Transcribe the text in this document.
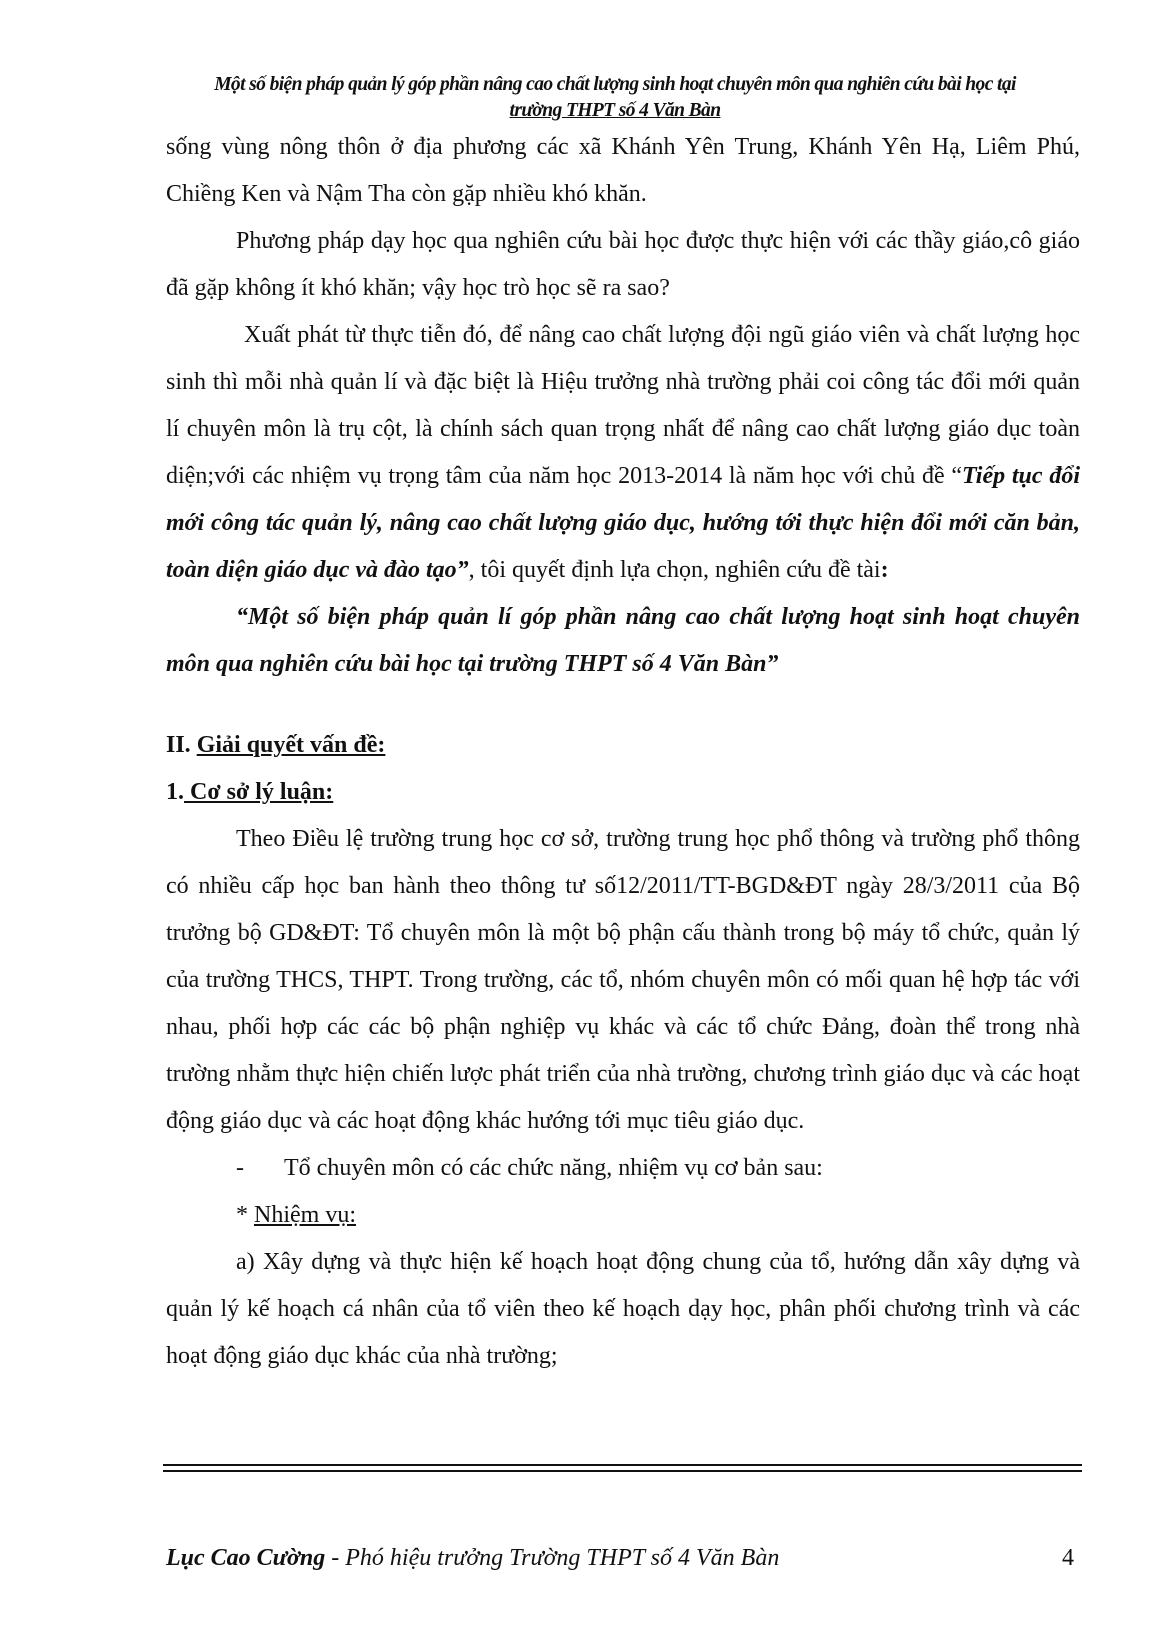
Một số biện pháp quản lý góp phần nâng cao chất lượng sinh hoạt chuyên môn qua nghiên cứu bài học tại
trường THPT số 4 Văn Bàn

sống vùng nông thôn ở địa phương các xã Khánh Yên Trung, Khánh Yên Hạ, Liêm Phú, Chiềng Ken và Nậm Tha còn gặp nhiều khó khăn.

Phương pháp dạy học qua nghiên cứu bài học được thực hiện với các thầy giáo,cô giáo đã gặp không ít khó khăn; vậy học trò học sẽ ra sao?

Xuất phát từ thực tiễn đó, để nâng cao chất lượng đội ngũ giáo viên và chất lượng học sinh thì mỗi nhà quản lí và đặc biệt là Hiệu trưởng nhà trường phải coi công tác đổi mới quản lí chuyên môn là trụ cột, là chính sách quan trọng nhất để nâng cao chất lượng giáo dục toàn diện;với các nhiệm vụ trọng tâm của năm học 2013-2014 là năm học với chủ đề “Tiếp tục đổi mới công tác quản lý, nâng cao chất lượng giáo dục, hướng tới thực hiện đổi mới căn bản, toàn diện giáo dục và đào tạo”, tôi quyết định lựa chọn, nghiên cứu đề tài:

“Một số biện pháp quản lí góp phần nâng cao chất lượng hoạt sinh hoạt chuyên môn qua nghiên cứu bài học tại trường THPT số 4 Văn Bàn”

II. Giải quyết vấn đề:

1. Cơ sở lý luận:

Theo Điều lệ trường trung học cơ sở, trường trung học phổ thông và trường phổ thông có nhiều cấp học ban hành theo thông tư số12/2011/TT-BGD&ĐT ngày 28/3/2011 của Bộ trưởng bộ GD&ĐT: Tổ chuyên môn là một bộ phận cấu thành trong bộ máy tổ chức, quản lý của trường THCS, THPT. Trong trường, các tổ, nhóm chuyên môn có mối quan hệ hợp tác với nhau, phối hợp các các bộ phận nghiệp vụ khác và các tổ chức Đảng, đoàn thể trong nhà trường nhằm thực hiện chiến lược phát triển của nhà trường, chương trình giáo dục và các hoạt động giáo dục và các hoạt động khác hướng tới mục tiêu giáo dục.

- Tổ chuyên môn có các chức năng, nhiệm vụ cơ bản sau:

* Nhiệm vụ:

a) Xây dựng và thực hiện kế hoạch hoạt động chung của tổ, hướng dẫn xây dựng và quản lý kế hoạch cá nhân của tổ viên theo kế hoạch dạy học, phân phối chương trình và các hoạt động giáo dục khác của nhà trường;

Lục Cao Cường - Phó hiệu trưởng Trường THPT số 4 Văn Bàn	4
